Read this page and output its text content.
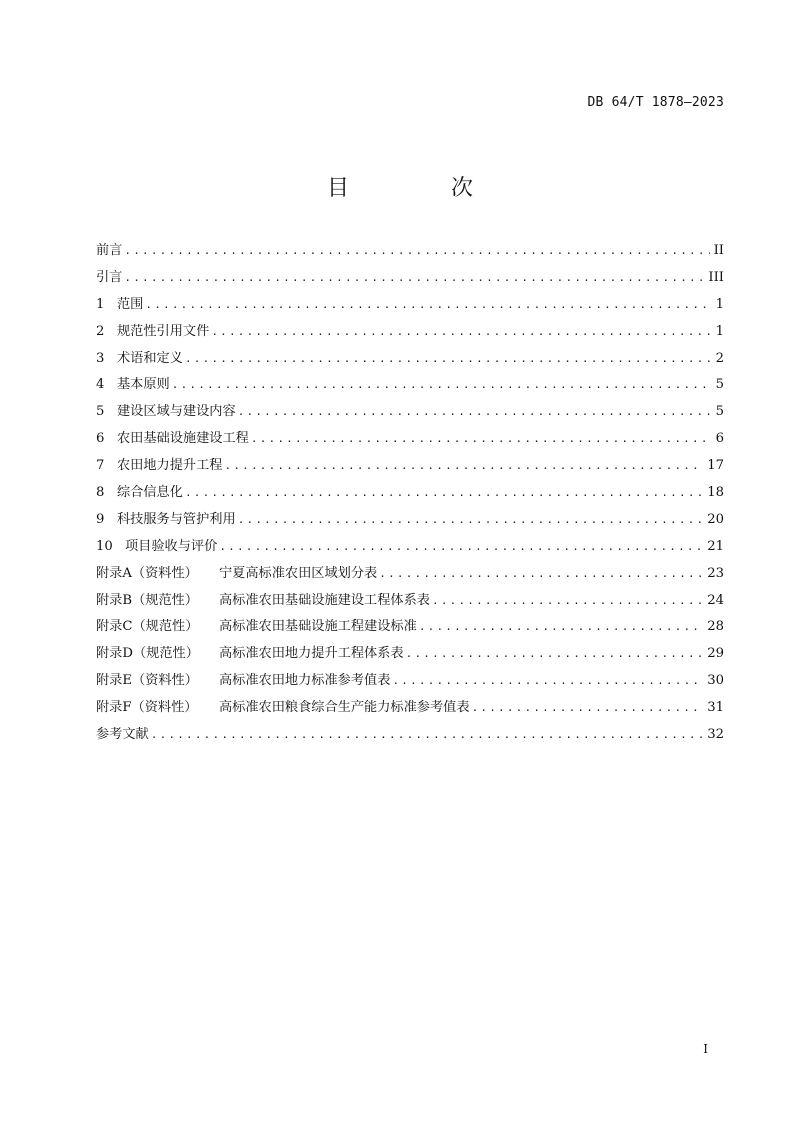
DB 64/T 1878—2023
目　次
前言 .....	II
引言 .....	III
1 范围 .....	1
2 规范性引用文件 .....	1
3 术语和定义 .....	2
4 基本原则 .....	5
5 建设区域与建设内容 .....	5
6 农田基础设施建设工程 .....	6
7 农田地力提升工程 .....	17
8 综合信息化 .....	18
9 科技服务与管护利用 .....	20
10 项目验收与评价 .....	21
附录A（资料性） 宁夏高标准农田区域划分表 .....	23
附录B（规范性） 高标准农田基础设施建设工程体系表 .....	24
附录C（规范性） 高标准农田基础设施工程建设标准 .....	28
附录D（规范性） 高标准农田地力提升工程体系表 .....	29
附录E（资料性） 高标准农田地力标准参考值表 .....	30
附录F（资料性） 高标准农田粮食综合生产能力标准参考值表 .....	31
参考文献 .....	32
I
